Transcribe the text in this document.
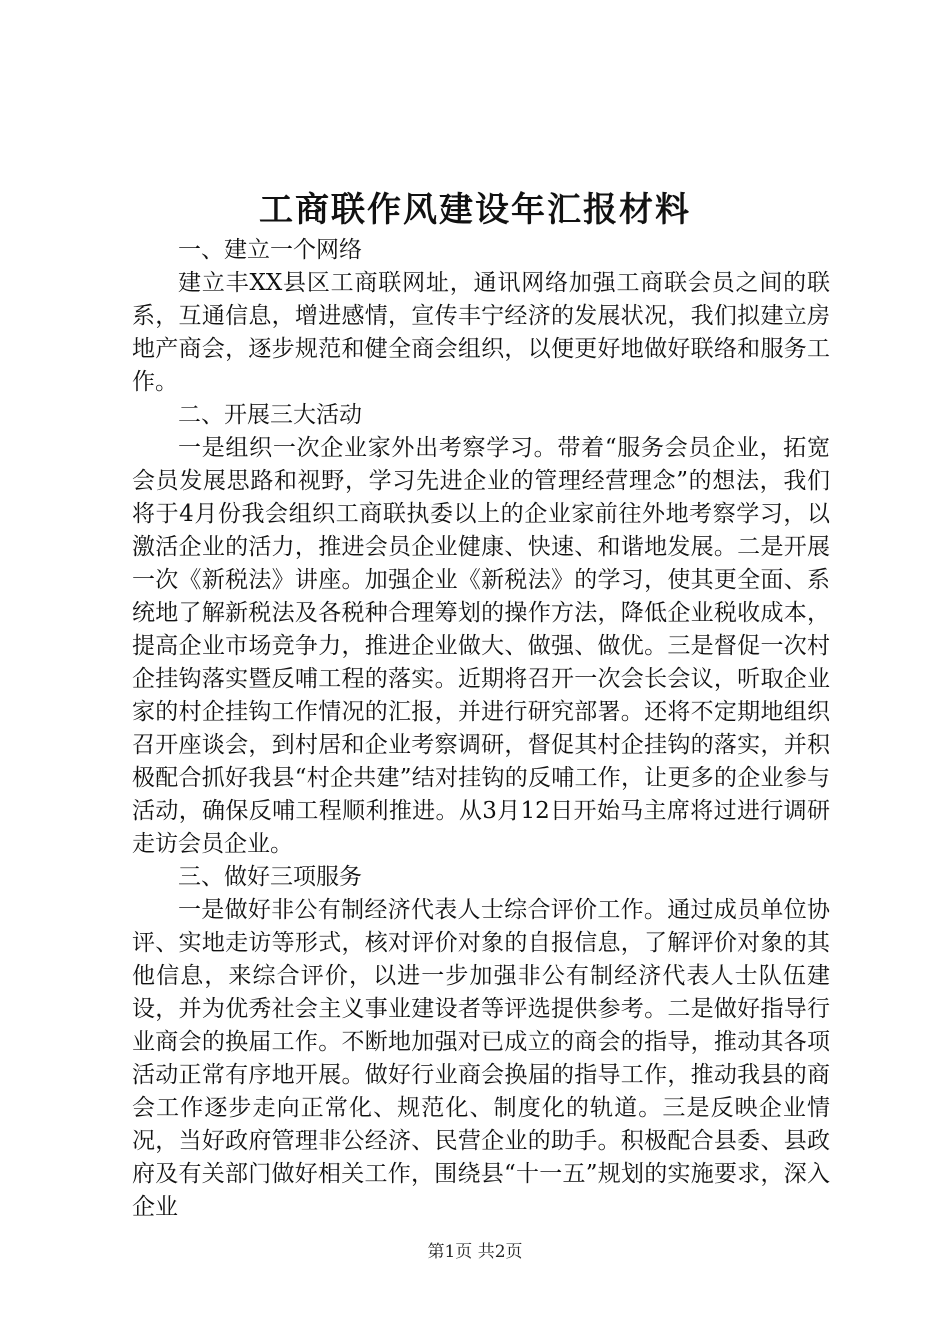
工商联作风建设年汇报材料

一、建立一个网络

建立丰XX县区工商联网址，通讯网络加强工商联会员之间的联系，互通信息，增进感情，宣传丰宁经济的发展状况，我们拟建立房地产商会，逐步规范和健全商会组织，以便更好地做好联络和服务工作。

二、开展三大活动

一是组织一次企业家外出考察学习。带着“服务会员企业，拓宽会员发展思路和视野，学习先进企业的管理经营理念”的想法，我们将于4月份我会组织工商联执委以上的企业家前往外地考察学习，以激活企业的活力，推进会员企业健康、快速、和谐地发展。二是开展一次《新税法》讲座。加强企业《新税法》的学习，使其更全面、系统地了解新税法及各税种合理筹划的操作方法，降低企业税收成本，提高企业市场竞争力，推进企业做大、做强、做优。三是督促一次村企挂钩落实暨反哺工程的落实。近期将召开一次会长会议，听取企业家的村企挂钩工作情况的汇报，并进行研究部署。还将不定期地组织召开座谈会，到村居和企业考察调研，督促其村企挂钩的落实，并积极配合抓好我县“村企共建”结对挂钩的反哺工作，让更多的企业参与活动，确保反哺工程顺利推进。从3月12日开始马主席将过进行调研走访会员企业。

三、做好三项服务

一是做好非公有制经济代表人士综合评价工作。通过成员单位协评、实地走访等形式，核对评价对象的自报信息，了解评价对象的其他信息，来综合评价，以进一步加强非公有制经济代表人士队伍建设，并为优秀社会主义事业建设者等评选提供参考。二是做好指导行业商会的换届工作。不断地加强对已成立的商会的指导，推动其各项活动正常有序地开展。做好行业商会换届的指导工作，推动我县的商会工作逐步走向正常化、规范化、制度化的轨道。三是反映企业情况，当好政府管理非公经济、民营企业的助手。积极配合县委、县政府及有关部门做好相关工作，围绕县“十一五”规划的实施要求，深入企业

第1页 共2页
